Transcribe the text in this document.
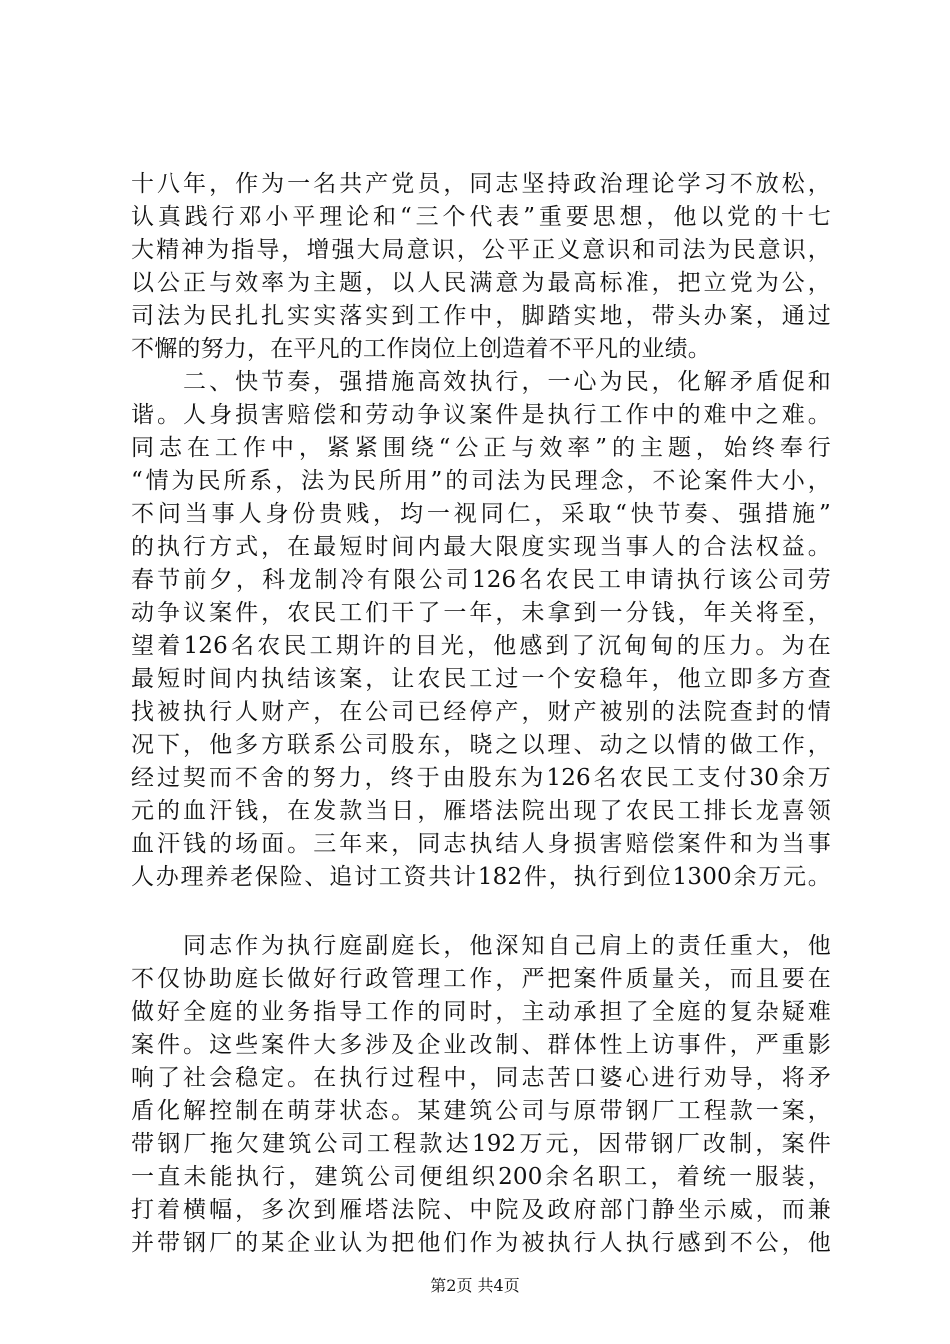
十八年，作为一名共产党员，同志坚持政治理论学习不放松，
认真践行邓小平理论和“三个代表”重要思想，他以党的十七
大精神为指导，增强大局意识，公平正义意识和司法为民意识，
以公正与效率为主题，以人民满意为最高标准，把立党为公，
司法为民扎扎实实落实到工作中，脚踏实地，带头办案，通过
不懈的努力，在平凡的工作岗位上创造着不平凡的业绩。
　　二、快节奏，强措施高效执行，一心为民，化解矛盾促和
谐。人身损害赔偿和劳动争议案件是执行工作中的难中之难。
同志在工作中，紧紧围绕“公正与效率”的主题，始终奉行
“情为民所系，法为民所用”的司法为民理念，不论案件大小，
不问当事人身份贵贱，均一视同仁，采取“快节奏、强措施”
的执行方式，在最短时间内最大限度实现当事人的合法权益。
春节前夕，科龙制冷有限公司126名农民工申请执行该公司劳
动争议案件，农民工们干了一年，未拿到一分钱，年关将至，
望着126名农民工期许的目光，他感到了沉甸甸的压力。为在
最短时间内执结该案，让农民工过一个安稳年，他立即多方查
找被执行人财产，在公司已经停产，财产被别的法院查封的情
况下，他多方联系公司股东，晓之以理、动之以情的做工作，
经过契而不舍的努力，终于由股东为126名农民工支付30余万
元的血汗钱，在发款当日，雁塔法院出现了农民工排长龙喜领
血汗钱的场面。三年来，同志执结人身损害赔偿案件和为当事
人办理养老保险、追讨工资共计182件，执行到位1300余万元。
　　同志作为执行庭副庭长，他深知自己肩上的责任重大，他
不仅协助庭长做好行政管理工作，严把案件质量关，而且要在
做好全庭的业务指导工作的同时，主动承担了全庭的复杂疑难
案件。这些案件大多涉及企业改制、群体性上访事件，严重影
响了社会稳定。在执行过程中，同志苦口婆心进行劝导，将矛
盾化解控制在萌芽状态。某建筑公司与原带钢厂工程款一案，
带钢厂拖欠建筑公司工程款达192万元，因带钢厂改制，案件
一直未能执行，建筑公司便组织200余名职工，着统一服装，
打着横幅，多次到雁塔法院、中院及政府部门静坐示威，而兼
并带钢厂的某企业认为把他们作为被执行人执行感到不公，他
第2页 共4页
